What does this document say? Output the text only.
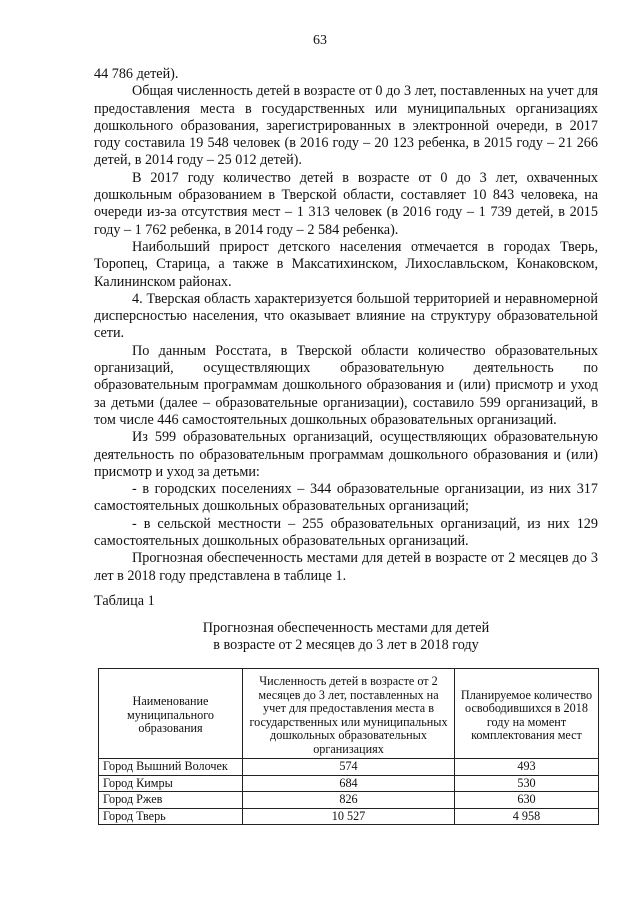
63

44 786 детей).

Общая численность детей в возрасте от 0 до 3 лет, поставленных на учет для предоставления места в государственных или муниципальных организациях дошкольного образования, зарегистрированных в электронной очереди, в 2017 году составила 19 548 человек (в 2016 году – 20 123 ребенка, в 2015 году – 21 266 детей, в 2014 году – 25 012 детей).

В 2017 году количество детей в возрасте от 0 до 3 лет, охваченных дошкольным образованием в Тверской области, составляет 10 843 человека, на очереди из-за отсутствия мест – 1 313 человек (в 2016 году – 1 739 детей, в 2015 году – 1 762 ребенка, в 2014 году – 2 584 ребенка).

Наибольший прирост детского населения отмечается в городах Тверь, Торопец, Старица, а также в Максатихинском, Лихославльском, Конаковском, Калининском районах.

4. Тверская область характеризуется большой территорией и неравномерной дисперсностью населения, что оказывает влияние на структуру образовательной сети.

По данным Росстата, в Тверской области количество образовательных организаций, осуществляющих образовательную деятельность по образовательным программам дошкольного образования и (или) присмотр и уход за детьми (далее – образовательные организации), составило 599 организаций, в том числе 446 самостоятельных дошкольных образовательных организаций.

Из 599 образовательных организаций, осуществляющих образовательную деятельность по образовательным программам дошкольного образования и (или) присмотр и уход за детьми:

- в городских поселениях – 344 образовательные организации, из них 317 самостоятельных дошкольных образовательных организаций;

- в сельской местности – 255 образовательных организаций, из них 129 самостоятельных дошкольных образовательных организаций.

Прогнозная обеспеченность местами для детей в возрасте от 2 месяцев до 3 лет в 2018 году представлена в таблице 1.

Таблица 1

Прогнозная обеспеченность местами для детей
в возрасте от 2 месяцев до 3 лет в 2018 году

Наименование муниципального образования	Численность детей в возрасте от 2 месяцев до 3 лет, поставленных на учет для предоставления места в государственных или муниципальных дошкольных образовательных организациях	Планируемое количество освободившихся в 2018 году на момент комплектования мест
Город Вышний Волочек	574	493
Город Кимры	684	530
Город Ржев	826	630
Город Тверь	10 527	4 958
